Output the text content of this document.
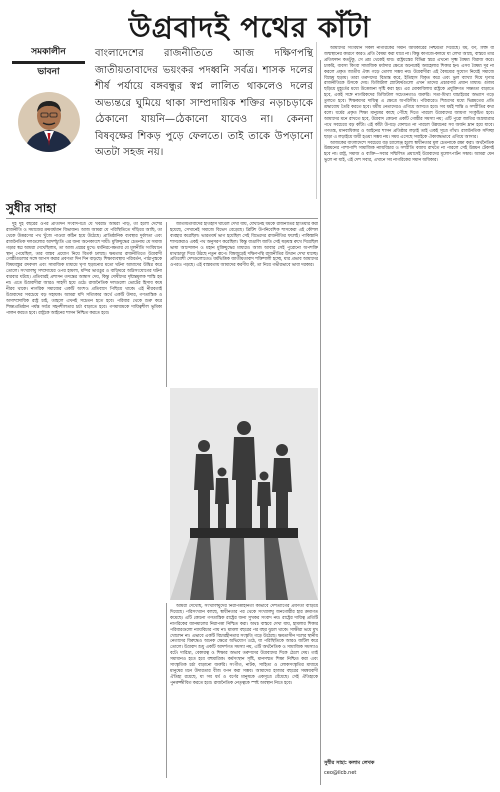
উগ্রবাদই পথের কাঁটা
সমকালীন
ভাবনা
বাংলাদেশের রাজনীতিতে আজ দক্ষিণপন্থি জাতীয়তাবাদের ভয়ংকর পদধ্বনি সর্বত্র। শাসক দলের শীর্ষ পর্যায়ে বঙ্গবন্ধুর স্বপ্ন লালিত থাকলেও দলের অভ্যন্তরে ঘুমিয়ে থাকা সাম্প্রদায়িক শক্তির নড়াচড়াকে ঠেকানো যায়নি—ঠেকানো যাবেও না। কেননা বিষবৃক্ষের শিকড় পুড়ে ফেলতে। তাই তাকে উপড়ানো অতটা সহজ নয়।
সুধীর সাহা

দুই দুই বছরের ওপর প্রতিদিন সংবাদপত্রে যে খবরটি আমরা পড়ি, তা হলো দেশের রাজনীতি ও সমাজের ক্রমবর্ধমান বিভাজন। আজ আমরা যে পরিস্থিতিতে দাঁড়িয়ে আছি, তা থেকে উত্তরণের পথ খুঁজে পাওয়া কঠিন হয়ে উঠেছে। প্রাতিষ্ঠানিক ব্যবস্থার দুর্বলতা এবং রাজনৈতিক দলগুলোর আদর্শচ্যুতি এর জন্য অনেকাংশে দায়ী। মুক্তিযুদ্ধের চেতনায় যে সমাজ গড়ার স্বপ্ন আমরা দেখেছিলাম, তা আজ প্রশ্নের মুখে। ধর্মনিরপেক্ষতার যে মূলনীতি সংবিধানে স্থান পেয়েছিল, তার বাস্তব প্রয়োগ নিয়ে বিতর্ক চলছে। ক্ষমতার রাজনীতিতে উগ্রবাদী গোষ্ঠীগুলোর সঙ্গে আপস করার প্রবণতা দিন দিন বাড়ছে। শিক্ষাব্যবস্থায় পরিবর্তন, পাঠ্যপুস্তকে বিষয়বস্তুর রদবদল এবং সামাজিক মাধ্যমে ঘৃণা ছড়ানোর মতো ঘটনা আমাদের উদ্বিগ্ন করে তোলে। সংখ্যালঘু সম্প্রদায়ের ওপর হামলা, মন্দির ভাঙচুর ও বাড়িঘরে অগ্নিসংযোগের ঘটনা বারবার ঘটছে। প্রতিবারই প্রশাসন তদন্তের আশ্বাস দেয়, কিন্তু দোষীদের দৃষ্টান্তমূলক শাস্তি হয় না। এতে উগ্রবাদীরা আরও সাহসী হয়ে ওঠে। রাজনৈতিক দলগুলো ভোটের হিসাব কষে নীরব থাকে। নাগরিক সমাজের একটি অংশও প্রতিবাদে পিছিয়ে থাকে। এই নীরবতাই উগ্রবাদের সবচেয়ে বড় সহায়ক। আমরা যদি সত্যিকার অর্থে একটি উদার, গণতান্ত্রিক ও অসাম্প্রদায়িক রাষ্ট্র চাই, তাহলে এখনই সচেতন হতে হবে। পরিবার থেকে শুরু করে শিক্ষাপ্রতিষ্ঠান পর্যন্ত সর্বত্র সহনশীলতার চর্চা বাড়াতে হবে। গণমাধ্যমকে দায়িত্বশীল ভূমিকা পালন করতে হবে। রাষ্ট্রকে আইনের শাসন নিশ্চিত করতে হবে।

জাতীয়তাবাদের ইতিহাস ঘাঁটলে দেখা যায়, যেখানেই ধর্মকে রাজনীতির হাতিয়ার করা হয়েছে, সেখানেই সমাজে বিভেদ বেড়েছে। ব্রিটিশ উপনিবেশিক শাসকেরা এই কৌশল ব্যবহার করেছিল। ভারতবর্ষ ভাগ হয়েছিল সেই বিভেদের রাজনীতির ফলেই। পাকিস্তানি শাসকেরাও একই পথ অনুসরণ করেছিল। কিন্তু বাঙালি জাতি সেই ষড়যন্ত্র রুখে দিয়েছিল ভাষা আন্দোলন ও মহান মুক্তিযুদ্ধের মাধ্যমে। আজ আবার সেই পুরোনো অপশক্তি মাথাচাড়া দিয়ে উঠছে নতুন রূপে। বিশ্বজুড়েই দক্ষিণপন্থি রাজনীতির উত্থান দেখা যাচ্ছে। প্রতিবেশী দেশগুলোতেও ধর্মভিত্তিক জাতীয়তাবাদ শক্তিশালী হচ্ছে, যার প্রভাব আমাদের ওপরও পড়ছে। এই বাস্তবতায় আমাদের করণীয় কী, তা নিয়ে গভীরভাবে ভাবা দরকার।

আমরা দেখেছি, সংখ্যালঘুদের নিরাপত্তাহীনতা কীভাবে দেশত্যাগের প্রবণতা বাড়িয়ে দিয়েছে। পরিসংখ্যান বলছে, স্বাধীনতার পর থেকে সংখ্যালঘু জনগোষ্ঠীর হার ক্রমাগত কমেছে। এটি কোনো গণতান্ত্রিক রাষ্ট্রের জন্য সুখকর সংবাদ নয়। রাষ্ট্রের দায়িত্ব প্রতিটি নাগরিকের জানমালের নিরাপত্তা নিশ্চিত করা। অথচ বাস্তবে দেখা যায়, হামলার শিকার পরিবারগুলো ন্যায়বিচার পায় না। মামলা বছরের পর বছর ঝুলে থাকে। সাক্ষীরা ভয়ে মুখ খোলেন না। এভাবে একটি বিচারহীনতার সংস্কৃতি গড়ে উঠেছে। ক্ষমতাসীন দলের স্থানীয় নেতাদের বিরুদ্ধেও অনেক ক্ষেত্রে অভিযোগ ওঠে, যা পরিস্থিতিকে আরও জটিল করে তোলে। উগ্রবাদ শুধু একটি আদর্শগত সমস্যা নয়, এটি অর্থনৈতিক ও সামাজিক সমস্যাও বটে। দারিদ্র্য, বেকারত্ব ও শিক্ষার অভাব তরুণদের উগ্রবাদের দিকে ঠেলে দেয়। তাই সমাধানও হতে হবে বহুমাত্রিক। কর্মসংস্থান সৃষ্টি, মানসম্মত শিক্ষা নিশ্চিত করা এবং সাংস্কৃতিক চর্চা বাড়ানো জরুরি। সংগীত, নাটক, সাহিত্য ও লোকসংস্কৃতির মাধ্যমে মানুষের মনে উদারতার বীজ বপন করা সম্ভব। আমাদের হাজার বছরের সমন্বয়বাদী ঐতিহ্য রয়েছে, যা সব ধর্ম ও বর্ণের মানুষকে একসূত্রে বেঁধেছে। সেই ঐতিহ্যকে পুনরুজ্জীবিত করতে হবে। রাজনৈতিক নেতৃত্বকে স্পষ্ট অবস্থান নিতে হবে।

আমাদের সংবিধান সকল নাগরিকের সমান অধিকারের নিশ্চয়তা দিয়েছে। ধর্ম, বর্ণ, লিঙ্গ বা জন্মস্থানের কারণে কারও প্রতি বৈষম্য করা যাবে না। কিন্তু কাগজে-কলমে যা লেখা আছে, বাস্তবে তার প্রতিফলন কতটুকু, সে প্রশ্ন থেকেই যায়। রাষ্ট্রযন্ত্রের বিভিন্ন স্তরে এখনো সূক্ষ্ম বৈষম্য বিরাজ করে। চাকরি, ব্যবসা কিংবা সামাজিক মর্যাদার ক্ষেত্রে অনেকেই অবহেলার শিকার হন। এসব বৈষম্য দূর না করলে প্রকৃত জাতীয় ঐক্য গড়ে তোলা সম্ভব নয়। উগ্রবাদীরা এই বৈষম্যের সুযোগ নিয়েই সমাজে বিদ্বেষ ছড়ায়। তারা তরুণদের বিভ্রান্ত করে, ইতিহাস বিকৃত করে এবং ভুল ব্যাখ্যা দিয়ে ঘৃণার রাজনীতিকে উসকে দেয়। ডিজিটাল প্ল্যাটফর্মগুলো এখন তাদের প্রচারণার প্রধান মাধ্যম। গুজব ছড়িয়ে মুহূর্তের মধ্যে উত্তেজনা সৃষ্টি করা হয়। এর মোকাবিলায় রাষ্ট্রকে প্রযুক্তিগত সক্ষমতা বাড়াতে হবে, একই সঙ্গে নাগরিকদের ডিজিটাল সচেতনতাও জরুরি। সত্য-মিথ্যা যাচাইয়ের অভ্যাস গড়ে তুলতে হবে। শিক্ষকদের দায়িত্ব এ ক্ষেত্রে অপরিসীম। পরিবারেও শিশুদের মধ্যে ভিন্নমতের প্রতি শ্রদ্ধাবোধ তৈরি করতে হবে। ধর্মীয় নেতাদেরও এগিয়ে আসতে হবে। সব ধর্মই শান্তি ও সম্প্রীতির কথা বলে। ধর্মের প্রকৃত শিক্ষা মানুষের কাছে পৌঁছে দিতে পারলে উগ্রবাদের জায়গা সংকুচিত হবে। আমাদের মনে রাখতে হবে, উগ্রবাদ কোনো একটি গোষ্ঠীর সমস্যা নয়; এটি পুরো জাতির অগ্রযাত্রার পথে সবচেয়ে বড় কাঁটা। এই কাঁটা উপড়ে ফেলতে না পারলে উন্নয়নের সব অর্জন ম্লান হয়ে যাবে। গণতন্ত্র, মানবাধিকার ও আইনের শাসন প্রতিষ্ঠার লড়াই তাই একই সূত্রে গাঁথা। রাজনৈতিক সদিচ্ছা ছাড়া এ লড়াইয়ে জয়ী হওয়া সম্ভব নয়। সময় এসেছে সবাইকে ঐক্যবদ্ধভাবে এগিয়ে আসার।

আজকের বাংলাদেশে সবচেয়ে বড় চ্যালেঞ্জ হলো স্বাধীনতার মূল চেতনাকে রক্ষা করা। অর্থনৈতিক উন্নয়নের পাশাপাশি সামাজিক ন্যায়বিচার ও সম্প্রীতি বজায় রাখতে না পারলে সেই উন্নয়ন টেকসই হবে না। রাষ্ট্র, সমাজ ও ব্যক্তি—সবার সম্মিলিত প্রয়াসেই উগ্রবাদের মূলোৎপাটন সম্ভব। আমরা যেন ভুলে না যাই, এই দেশ সবার, এখানে সব নাগরিকের সমান অধিকার।

সুধীর সাহা: কলাম লেখক
ceo@ilcb.net
